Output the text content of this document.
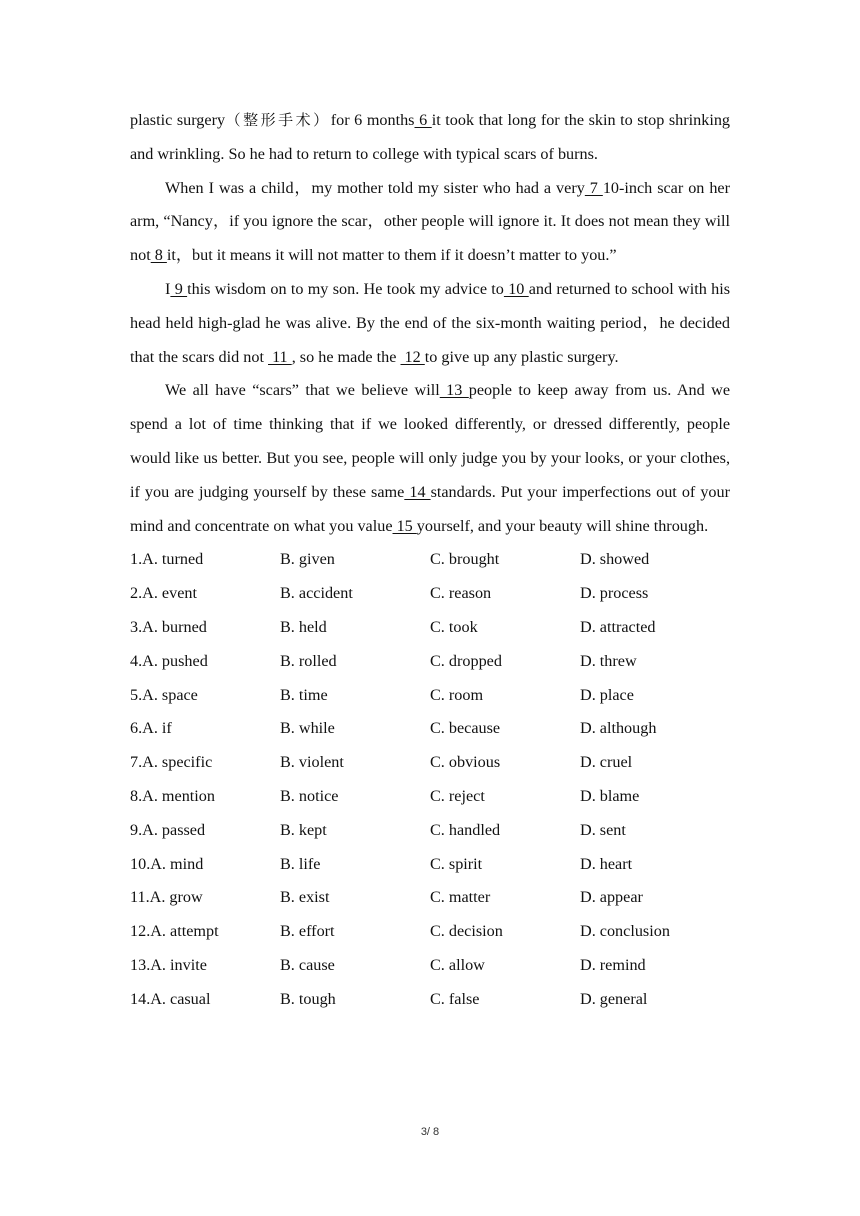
plastic surgery（整形手术）for 6 months 6 it took that long for the skin to stop shrinking and wrinkling. So he had to return to college with typical scars of burns.

When I was a child，my mother told my sister who had a very 7 10-inch scar on her arm, “Nancy，if you ignore the scar，other people will ignore it. It does not mean they will not 8 it，but it means it will not matter to them if it doesn’t matter to you.”

I 9 this wisdom on to my son. He took my advice to 10 and returned to school with his head held high-glad he was alive. By the end of the six-month waiting period，he decided that the scars did not  11 , so he made the  12 to give up any plastic surgery.

We all have “scars” that we believe will 13 people to keep away from us. And we spend a lot of time thinking that if we looked differently, or dressed differently, people would like us better. But you see, people will only judge you by your looks, or your clothes, if you are judging yourself by these same 14 standards. Put your imperfections out of your mind and concentrate on what you value 15 yourself, and your beauty will shine through.

1.A. turned	B. given	C. brought	D. showed
2.A. event	B. accident	C. reason	D. process
3.A. burned	B. held	C. took	D. attracted
4.A. pushed	B. rolled	C. dropped	D. threw
5.A. space	B. time	C. room	D. place
6.A. if	B. while	C. because	D. although
7.A. specific	B. violent	C. obvious	D. cruel
8.A. mention	B. notice	C. reject	D. blame
9.A. passed	B. kept	C. handled	D. sent
10.A. mind	B. life	C. spirit	D. heart
11.A. grow	B. exist	C. matter	D. appear
12.A. attempt	B. effort	C. decision	D. conclusion
13.A. invite	B. cause	C. allow	D. remind
14.A. casual	B. tough	C. false	D. general
3/ 8
